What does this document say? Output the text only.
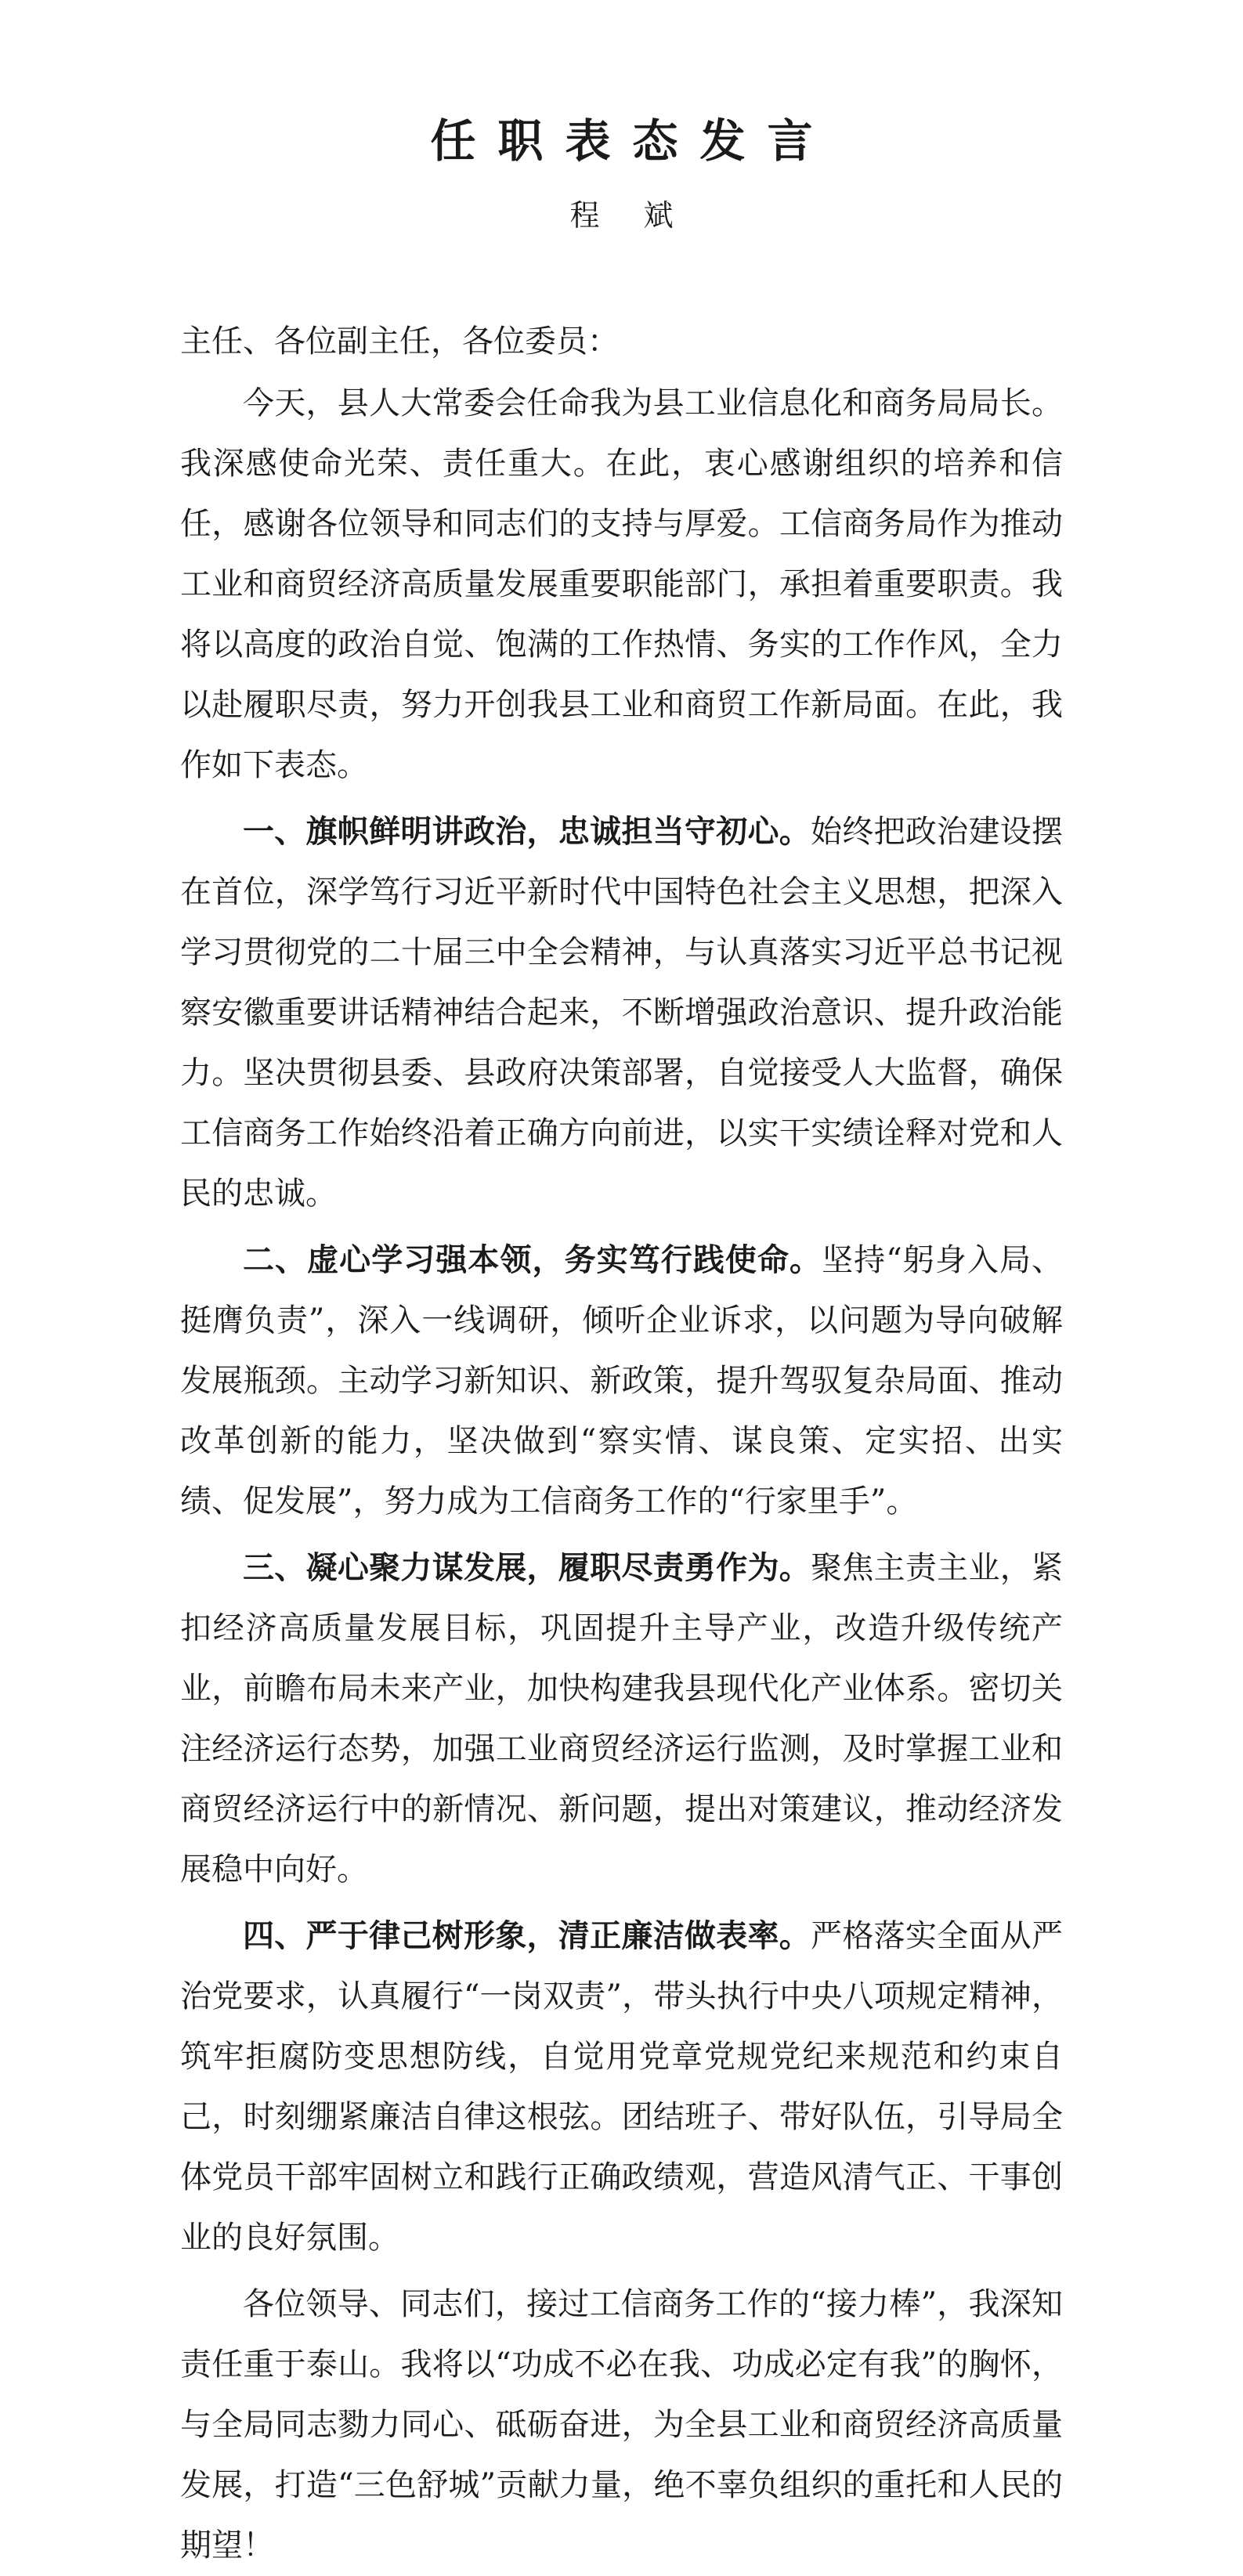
任职表态发言

程 斌

主任、各位副主任，各位委员：

今天，县人大常委会任命我为县工业信息化和商务局局长。我深感使命光荣、责任重大。在此，衷心感谢组织的培养和信任，感谢各位领导和同志们的支持与厚爱。工信商务局作为推动工业和商贸经济高质量发展重要职能部门，承担着重要职责。我将以高度的政治自觉、饱满的工作热情、务实的工作作风，全力以赴履职尽责，努力开创我县工业和商贸工作新局面。在此，我作如下表态。

一、旗帜鲜明讲政治，忠诚担当守初心。始终把政治建设摆在首位，深学笃行习近平新时代中国特色社会主义思想，把深入学习贯彻党的二十届三中全会精神，与认真落实习近平总书记视察安徽重要讲话精神结合起来，不断增强政治意识、提升政治能力。坚决贯彻县委、县政府决策部署，自觉接受人大监督，确保工信商务工作始终沿着正确方向前进，以实干实绩诠释对党和人民的忠诚。

二、虚心学习强本领，务实笃行践使命。坚持“躬身入局、挺膺负责”，深入一线调研，倾听企业诉求，以问题为导向破解发展瓶颈。主动学习新知识、新政策，提升驾驭复杂局面、推动改革创新的能力，坚决做到“察实情、谋良策、定实招、出实绩、促发展”，努力成为工信商务工作的“行家里手”。

三、凝心聚力谋发展，履职尽责勇作为。聚焦主责主业，紧扣经济高质量发展目标，巩固提升主导产业，改造升级传统产业，前瞻布局未来产业，加快构建我县现代化产业体系。密切关注经济运行态势，加强工业商贸经济运行监测，及时掌握工业和商贸经济运行中的新情况、新问题，提出对策建议，推动经济发展稳中向好。

四、严于律己树形象，清正廉洁做表率。严格落实全面从严治党要求，认真履行“一岗双责”，带头执行中央八项规定精神，筑牢拒腐防变思想防线，自觉用党章党规党纪来规范和约束自己，时刻绷紧廉洁自律这根弦。团结班子、带好队伍，引导局全体党员干部牢固树立和践行正确政绩观，营造风清气正、干事创业的良好氛围。

各位领导、同志们，接过工信商务工作的“接力棒”，我深知责任重于泰山。我将以“功成不必在我、功成必定有我”的胸怀，与全局同志勠力同心、砥砺奋进，为全县工业和商贸经济高质量发展，打造“三色舒城”贡献力量，绝不辜负组织的重托和人民的期望！
